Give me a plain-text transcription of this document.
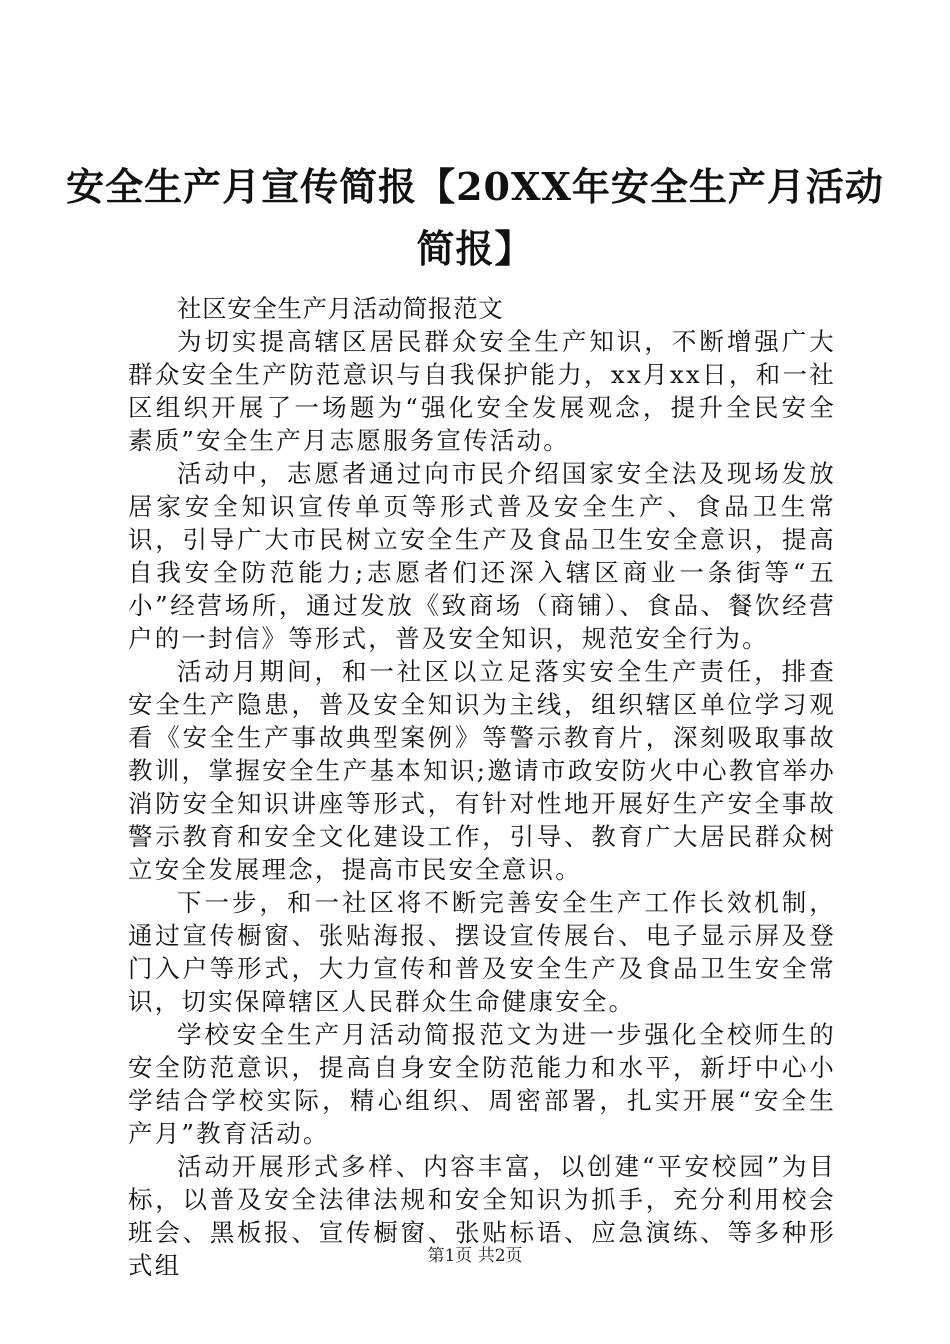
安全生产月宣传简报【20XX年安全生产月活动简报】

社区安全生产月活动简报范文

为切实提高辖区居民群众安全生产知识，不断增强广大群众安全生产防范意识与自我保护能力，xx月xx日，和一社区组织开展了一场题为“强化安全发展观念，提升全民安全素质”安全生产月志愿服务宣传活动。

活动中，志愿者通过向市民介绍国家安全法及现场发放居家安全知识宣传单页等形式普及安全生产、食品卫生常识，引导广大市民树立安全生产及食品卫生安全意识，提高自我安全防范能力;志愿者们还深入辖区商业一条街等“五小”经营场所，通过发放《致商场（商铺）、食品、餐饮经营户的一封信》等形式，普及安全知识，规范安全行为。

活动月期间，和一社区以立足落实安全生产责任，排查安全生产隐患，普及安全知识为主线，组织辖区单位学习观看《安全生产事故典型案例》等警示教育片，深刻吸取事故教训，掌握安全生产基本知识;邀请市政安防火中心教官举办消防安全知识讲座等形式，有针对性地开展好生产安全事故警示教育和安全文化建设工作，引导、教育广大居民群众树立安全发展理念，提高市民安全意识。

下一步，和一社区将不断完善安全生产工作长效机制，通过宣传橱窗、张贴海报、摆设宣传展台、电子显示屏及登门入户等形式，大力宣传和普及安全生产及食品卫生安全常识，切实保障辖区人民群众生命健康安全。

学校安全生产月活动简报范文为进一步强化全校师生的安全防范意识，提高自身安全防范能力和水平，新圩中心小学结合学校实际，精心组织、周密部署，扎实开展“安全生产月”教育活动。

活动开展形式多样、内容丰富，以创建“平安校园”为目标，以普及安全法律法规和安全知识为抓手，充分利用校会班会、黑板报、宣传橱窗、张贴标语、应急演练、等多种形式组	第1页 共2页
